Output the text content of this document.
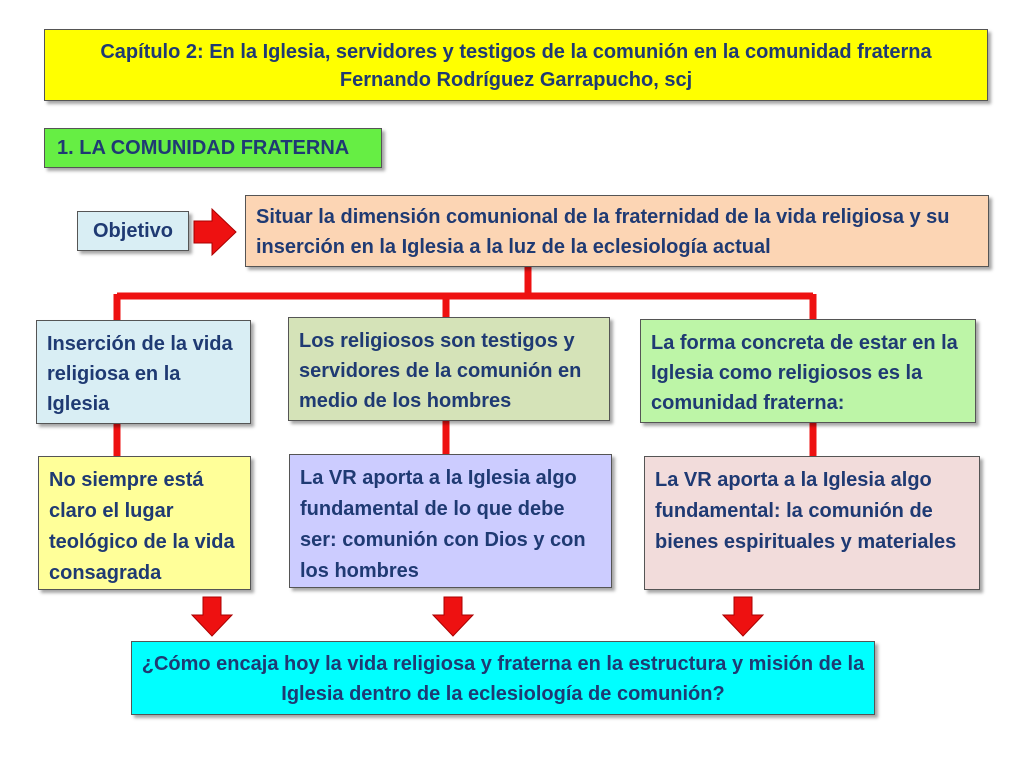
Capítulo 2: En la Iglesia, servidores y testigos de la comunión en la comunidad fraterna
Fernando Rodríguez Garrapucho, scj
1. LA COMUNIDAD FRATERNA
Objetivo
Situar la dimensión comunional de la fraternidad de la vida religiosa y su inserción en la Iglesia a la luz de la eclesiología actual
Inserción de la vida religiosa en la Iglesia
Los religiosos son testigos y servidores de la comunión en medio de los hombres
La forma concreta de estar en la Iglesia como religiosos es la comunidad fraterna:
No siempre está claro el lugar teológico de la vida consagrada
La VR aporta a la Iglesia algo fundamental de lo que debe ser: comunión con Dios y con los hombres
La VR aporta a la Iglesia algo fundamental: la comunión de bienes espirituales y materiales
¿Cómo encaja hoy la vida religiosa y fraterna en la estructura y misión de la Iglesia dentro de la eclesiología de comunión?
